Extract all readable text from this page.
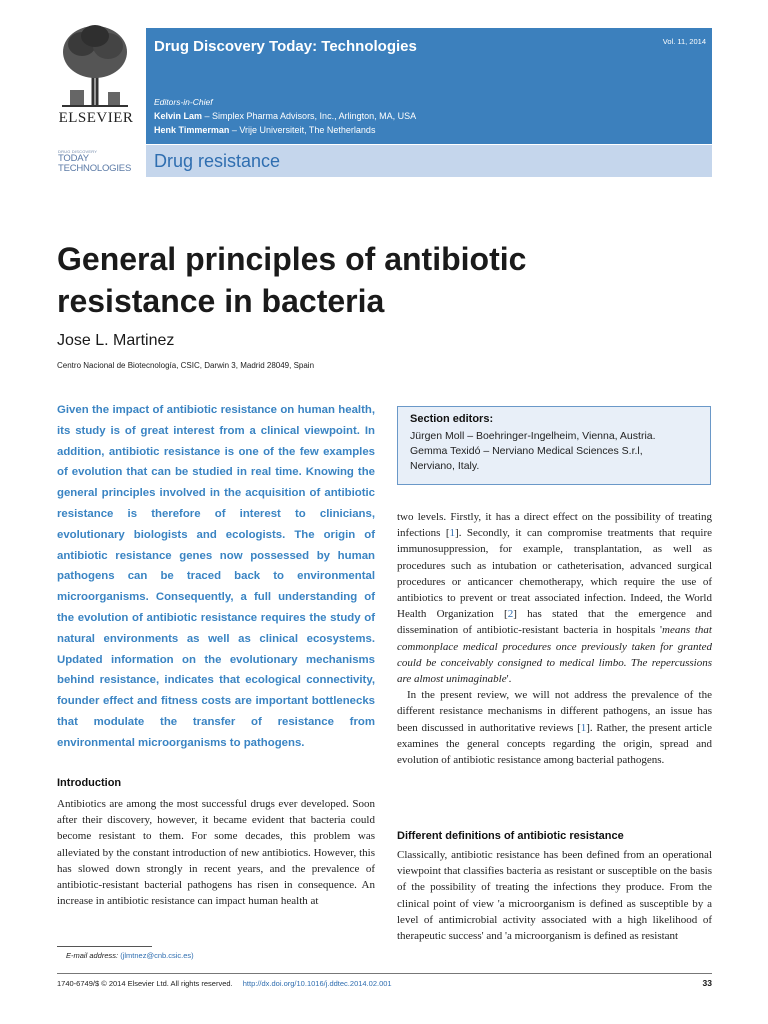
ELSEVIER
DRUG DISCOVERY
TODAY
TECHNOLOGIES
Drug Discovery Today: Technologies	Vol. 11, 2014
Editors-in-Chief
Kelvin Lam – Simplex Pharma Advisors, Inc., Arlington, MA, USA
Henk Timmerman – Vrije Universiteit, The Netherlands
Drug resistance
General principles of antibiotic
resistance in bacteria
Jose L. Martinez
Centro Nacional de Biotecnología, CSIC, Darwin 3, Madrid 28049, Spain
Given the impact of antibiotic resistance on human health, its study is of great interest from a clinical viewpoint. In addition, antibiotic resistance is one of the few examples of evolution that can be studied in real time. Knowing the general principles involved in the acquisition of antibiotic resistance is therefore of interest to clinicians, evolutionary biologists and ecologists. The origin of antibiotic resistance genes now possessed by human pathogens can be traced back to environmental microorganisms. Consequently, a full understanding of the evolution of antibiotic resistance requires the study of natural environments as well as clinical ecosystems. Updated information on the evolutionary mechanisms behind resistance, indicates that ecological connectivity, founder effect and fitness costs are important bottlenecks that modulate the transfer of resistance from environmental microorganisms to pathogens.
Section editors:
Jürgen Moll – Boehringer-Ingelheim, Vienna, Austria.
Gemma Texidó – Nerviano Medical Sciences S.r.l,
Nerviano, Italy.

two levels. Firstly, it has a direct effect on the possibility of treating infections [1]. Secondly, it can compromise treatments that require immunosuppression, for example, transplantation, as well as procedures such as intubation or catheterisation, advanced surgical procedures or anticancer chemotherapy, which require the use of antibiotics to prevent or treat associated infection. Indeed, the World Health Organization [2] has stated that the emergence and dissemination of antibiotic-resistant bacteria in hospitals 'means that commonplace medical procedures once previously taken for granted could be conceivably consigned to medical limbo. The repercussions are almost unimaginable'.

In the present review, we will not address the prevalence of the different resistance mechanisms in different pathogens, an issue has been discussed in authoritative reviews [1]. Rather, the present article examines the general concepts regarding the origin, spread and evolution of antibiotic resistance among bacterial pathogens.

Introduction

Antibiotics are among the most successful drugs ever developed. Soon after their discovery, however, it became evident that bacteria could become resistant to them. For some decades, this problem was alleviated by the constant introduction of new antibiotics. However, this has slowed down strongly in recent years, and the prevalence of antibiotic-resistant bacterial pathogens has risen in consequence. An increase in antibiotic resistance can impact human health at

Different definitions of antibiotic resistance

Classically, antibiotic resistance has been defined from an operational viewpoint that classifies bacteria as resistant or susceptible on the basis of the possibility of treating the infections they produce. From the clinical point of view 'a microorganism is defined as susceptible by a level of antimicrobial activity associated with a high likelihood of therapeutic success' and 'a microorganism is defined as resistant

E-mail address: (jlmtnez@cnb.csic.es)
1740-6749/$ © 2014 Elsevier Ltd. All rights reserved. http://dx.doi.org/10.1016/j.ddtec.2014.02.001	33
